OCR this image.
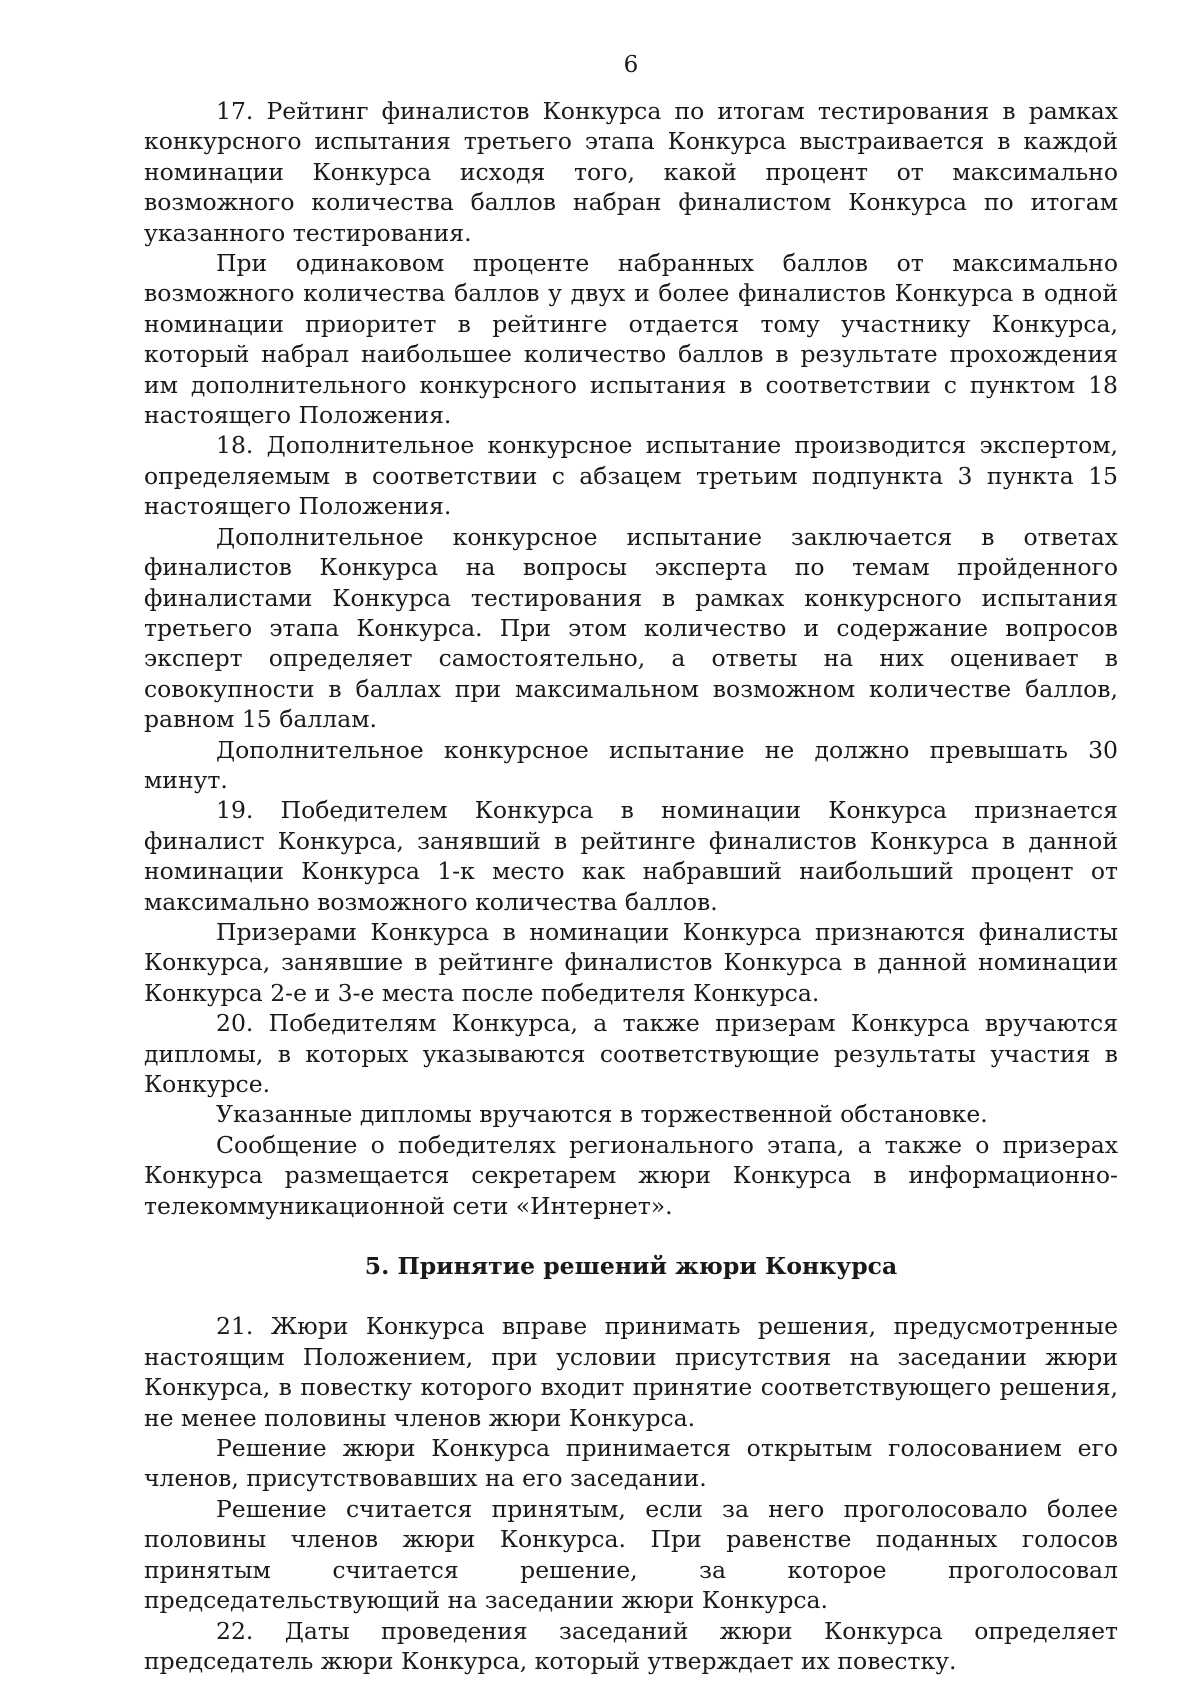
6

17. Рейтинг финалистов Конкурса по итогам тестирования в рамках конкурсного испытания третьего этапа Конкурса выстраивается в каждой номинации Конкурса исходя того, какой процент от максимально возможного количества баллов набран финалистом Конкурса по итогам указанного тестирования.

При одинаковом проценте набранных баллов от максимально возможного количества баллов у двух и более финалистов Конкурса в одной номинации приоритет в рейтинге отдается тому участнику Конкурса, который набрал наибольшее количество баллов в результате прохождения им дополнительного конкурсного испытания в соответствии с пунктом 18 настоящего Положения.

18. Дополнительное конкурсное испытание производится экспертом, определяемым в соответствии с абзацем третьим подпункта 3 пункта 15 настоящего Положения.

Дополнительное конкурсное испытание заключается в ответах финалистов Конкурса на вопросы эксперта по темам пройденного финалистами Конкурса тестирования в рамках конкурсного испытания третьего этапа Конкурса. При этом количество и содержание вопросов эксперт определяет самостоятельно, а ответы на них оценивает в совокупности в баллах при максимальном возможном количестве баллов, равном 15 баллам.

Дополнительное конкурсное испытание не должно превышать 30 минут.

19. Победителем Конкурса в номинации Конкурса признается финалист Конкурса, занявший в рейтинге финалистов Конкурса в данной номинации Конкурса 1-к место как набравший наибольший процент от максимально возможного количества баллов.

Призерами Конкурса в номинации Конкурса признаются финалисты Конкурса, занявшие в рейтинге финалистов Конкурса в данной номинации Конкурса 2-е и 3-е места после победителя Конкурса.

20. Победителям Конкурса, а также призерам Конкурса вручаются дипломы, в которых указываются соответствующие результаты участия в Конкурсе.

Указанные дипломы вручаются в торжественной обстановке.

Сообщение о победителях регионального этапа, а также о призерах Конкурса размещается секретарем жюри Конкурса в информационно-телекоммуникационной сети «Интернет».

5. Принятие решений жюри Конкурса

21. Жюри Конкурса вправе принимать решения, предусмотренные настоящим Положением, при условии присутствия на заседании жюри Конкурса, в повестку которого входит принятие соответствующего решения, не менее половины членов жюри Конкурса.

Решение жюри Конкурса принимается открытым голосованием его членов, присутствовавших на его заседании.

Решение считается принятым, если за него проголосовало более половины членов жюри Конкурса. При равенстве поданных голосов принятым считается решение, за которое проголосовал председательствующий на заседании жюри Конкурса.

22. Даты проведения заседаний жюри Конкурса определяет председатель жюри Конкурса, который утверждает их повестку.
